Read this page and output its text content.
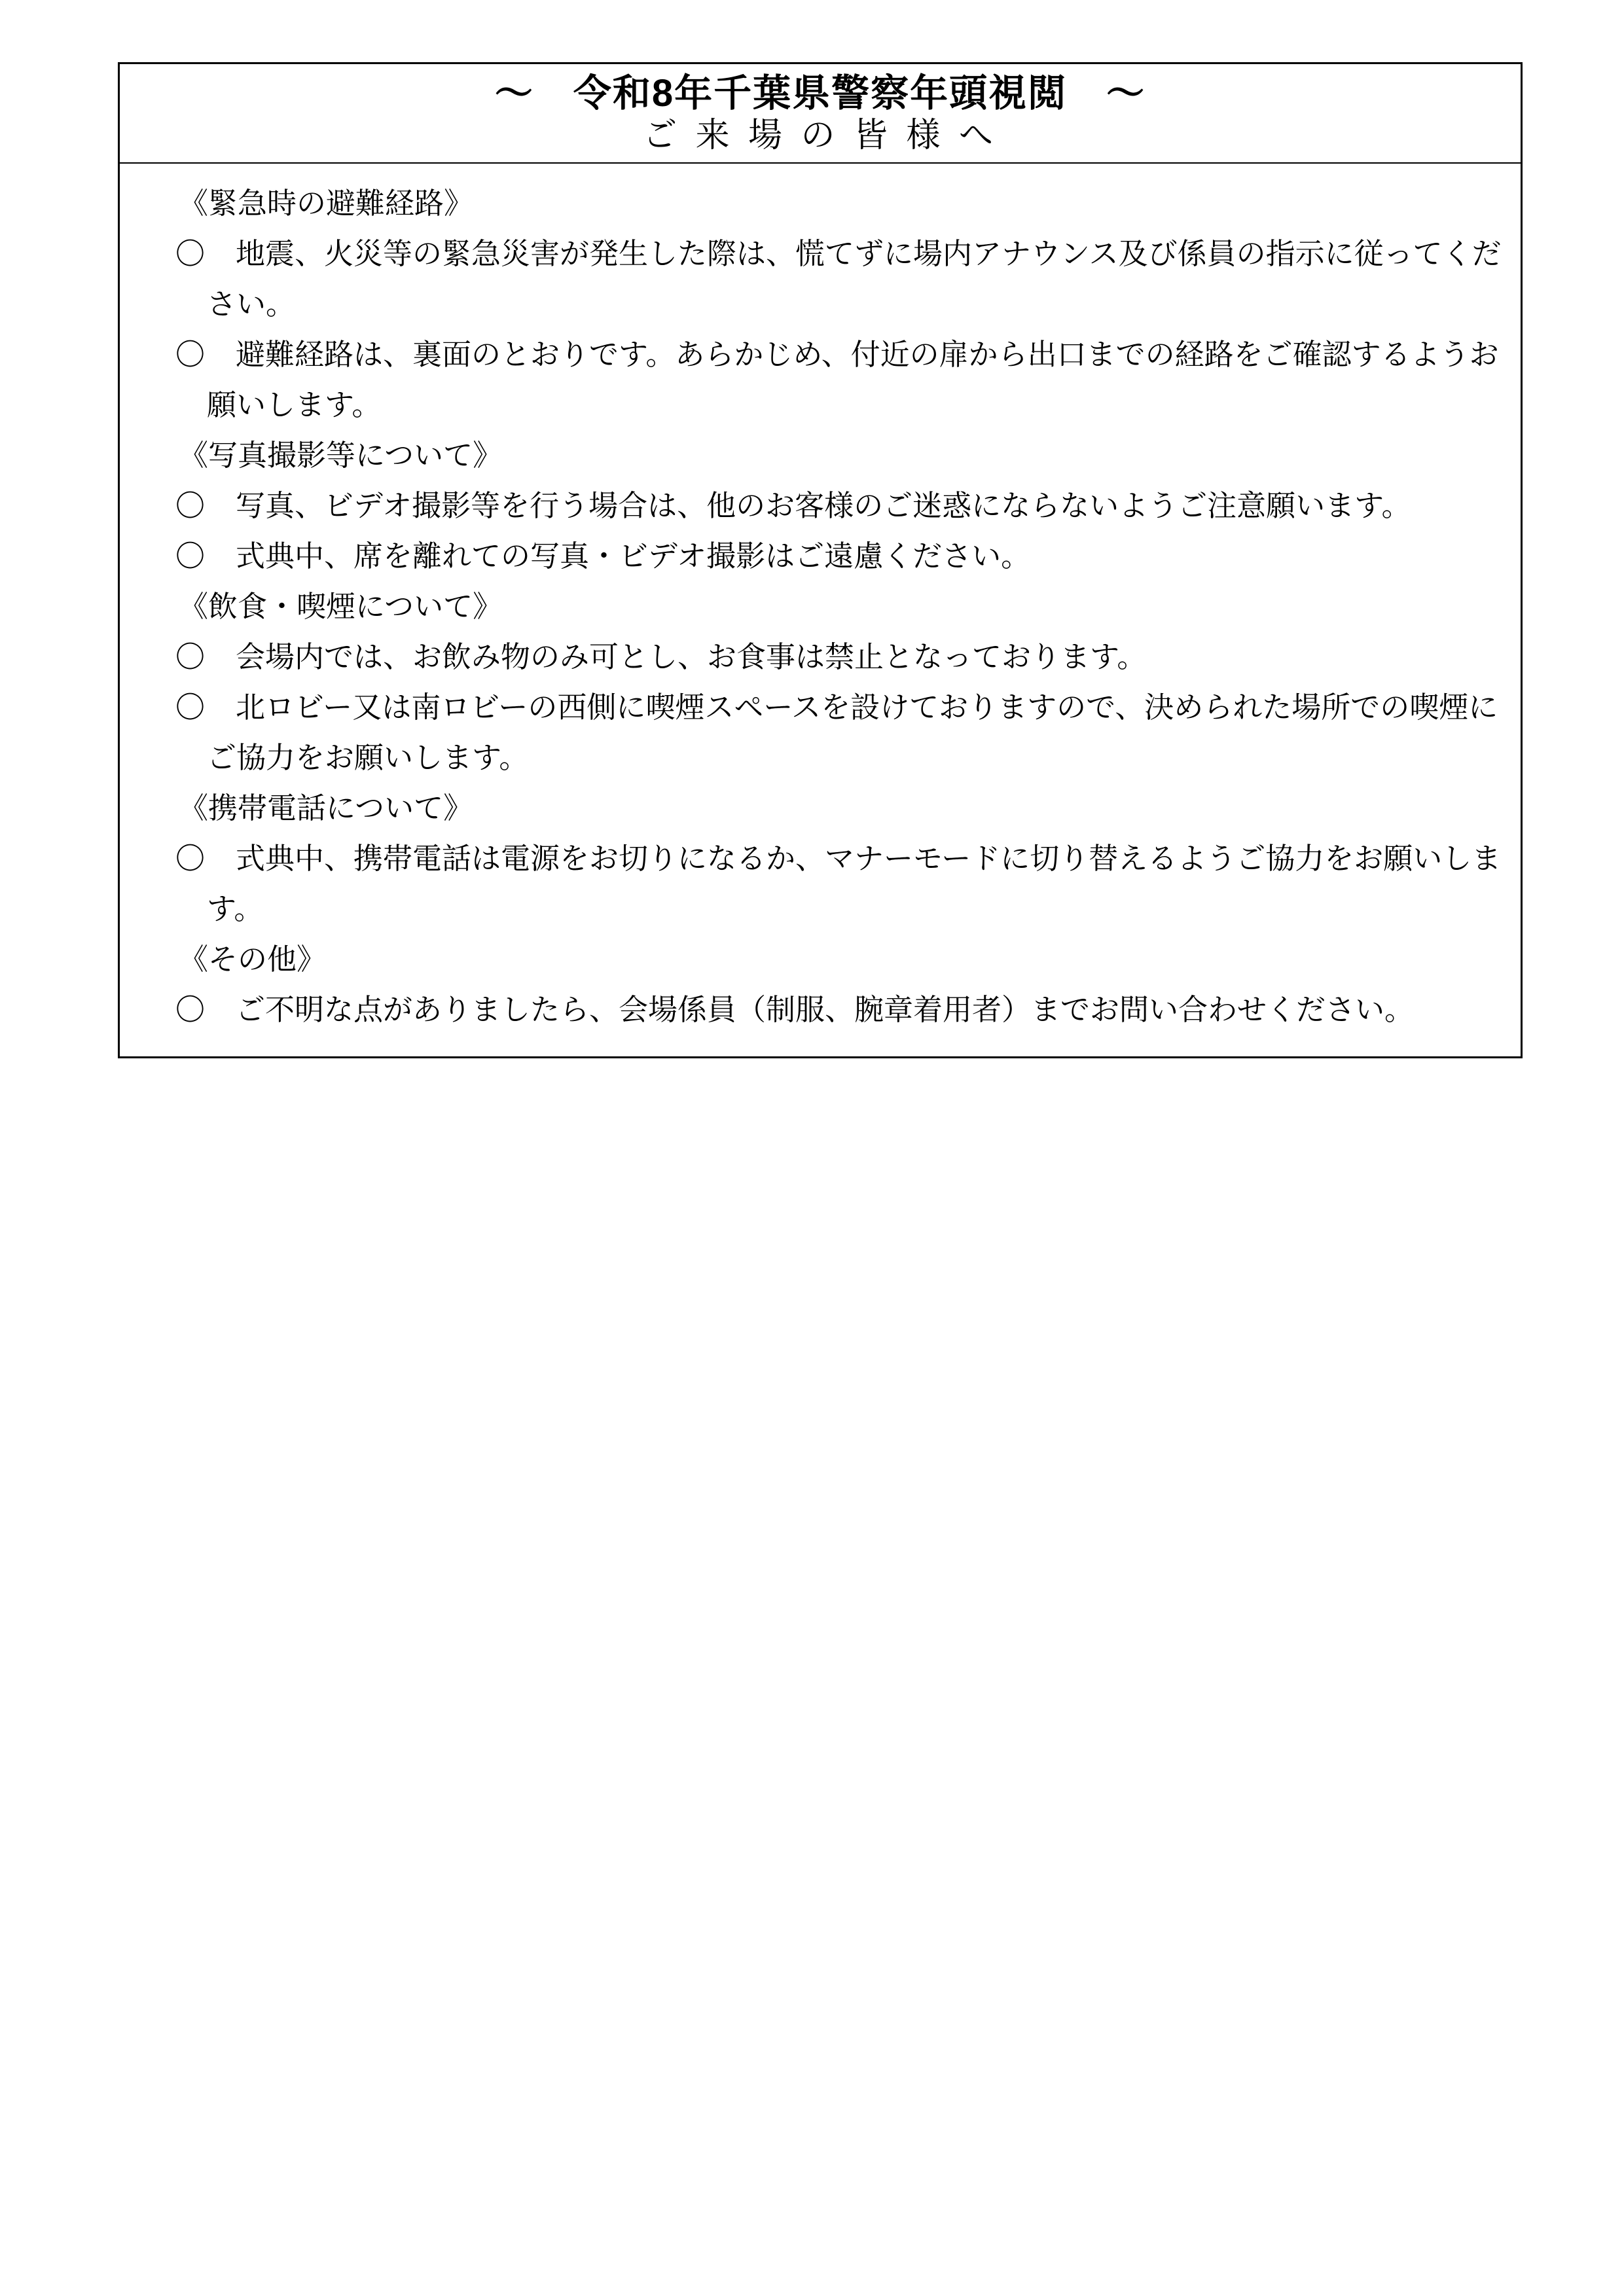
～　令和8年千葉県警察年頭視閲　～
ご 来 場 の 皆 様 へ
《緊急時の避難経路》
〇 地震、火災等の緊急災害が発生した際は、慌てずに場内アナウンス及び係員の指示に従ってくだ
さい。
〇 避難経路は、裏面のとおりです。あらかじめ、付近の扉から出口までの経路をご確認するようお
願いします。
《写真撮影等について》
〇 写真、ビデオ撮影等を行う場合は、他のお客様のご迷惑にならないようご注意願います。
〇 式典中、席を離れての写真・ビデオ撮影はご遠慮ください。
《飲食・喫煙について》
〇 会場内では、お飲み物のみ可とし、お食事は禁止となっております。
〇 北ロビー又は南ロビーの西側に喫煙スペースを設けておりますので、決められた場所での喫煙に
ご協力をお願いします。
《携帯電話について》
〇 式典中、携帯電話は電源をお切りになるか、マナーモードに切り替えるようご協力をお願いしま
す。
《その他》
〇 ご不明な点がありましたら、会場係員（制服、腕章着用者）までお問い合わせください。
